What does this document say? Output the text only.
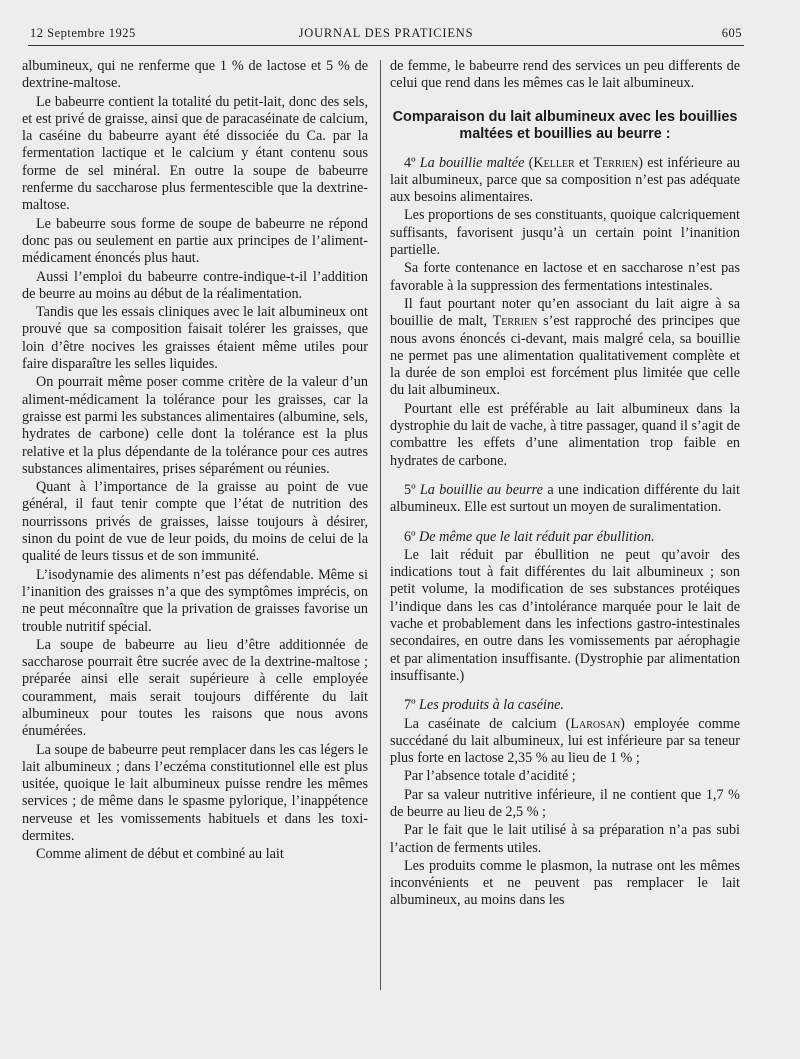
12 Septembre 1925	JOURNAL DES PRATICIENS	605

albumineux, qui ne renferme que 1 % de lactose et 5 % de dextrine-maltose.

Le babeurre contient la totalité du petit-lait, donc des sels, et est privé de graisse, ainsi que de paracaséinate de calcium, la caséine du babeurre ayant été dissociée du Ca. par la fermentation lactique et le calcium y étant contenu sous forme de sel minéral. En outre la soupe de babeurre renferme du saccharose plus fermentescible que la dextrine-maltose.

Le babeurre sous forme de soupe de babeurre ne répond donc pas ou seulement en partie aux principes de l’aliment-médicament énoncés plus haut.

Aussi l’emploi du babeurre contre-indique-t-il l’addition de beurre au moins au début de la réalimentation.

Tandis que les essais cliniques avec le lait albumineux ont prouvé que sa composition faisait tolérer les graisses, que loin d’être nocives les graisses étaient même utiles pour faire disparaître les selles liquides.

On pourrait même poser comme critère de la valeur d’un aliment-médicament la tolérance pour les graisses, car la graisse est parmi les substances alimentaires (albumine, sels, hydrates de carbone) celle dont la tolérance est la plus relative et la plus dépendante de la tolérance pour ces autres substances alimentaires, prises séparément ou réunies.

Quant à l’importance de la graisse au point de vue général, il faut tenir compte que l’état de nutrition des nourrissons privés de graisses, laisse toujours à désirer, sinon du point de vue de leur poids, du moins de celui de la qualité de leurs tissus et de son immunité.

L’isodynamie des aliments n’est pas défendable. Même si l’inanition des graisses n’a que des symptômes imprécis, on ne peut méconnaître que la privation de graisses favorise un trouble nutritif spécial.

La soupe de babeurre au lieu d’être additionnée de saccharose pourrait être sucrée avec de la dextrine-maltose ; préparée ainsi elle serait supérieure à celle employée couramment, mais serait toujours différente du lait albumineux pour toutes les raisons que nous avons énumérées.

La soupe de babeurre peut remplacer dans les cas légers le lait albumineux ; dans l’eczéma constitutionnel elle est plus usitée, quoique le lait albumineux puisse rendre les mêmes services ; de même dans le spasme pylorique, l’inappétence nerveuse et les vomissements habituels et dans les toxi-dermites.

Comme aliment de début et combiné au lait

de femme, le babeurre rend des services un peu differents de celui que rend dans les mêmes cas le lait albumineux.

Comparaison du lait albumineux avec les bouillies maltées et bouillies au beurre :

4º La bouillie maltée (Keller et Terrien) est inférieure au lait albumineux, parce que sa composition n’est pas adéquate aux besoins alimentaires.

Les proportions de ses constituants, quoique calcriquement suffisants, favorisent jusqu’à un certain point l’inanition partielle.

Sa forte contenance en lactose et en saccharose n’est pas favorable à la suppression des fermentations intestinales.

Il faut pourtant noter qu’en associant du lait aigre à sa bouillie de malt, Terrien s’est rapproché des principes que nous avons énoncés ci-devant, mais malgré cela, sa bouillie ne permet pas une alimentation qualitativement complète et la durée de son emploi est forcément plus limitée que celle du lait albumineux.

Pourtant elle est préférable au lait albumineux dans la dystrophie du lait de vache, à titre passager, quand il s’agit de combattre les effets d’une alimentation trop faible en hydrates de carbone.

5º La bouillie au beurre a une indication différente du lait albumineux. Elle est surtout un moyen de suralimentation.

6º De même que le lait réduit par ébullition.

Le lait réduit par ébullition ne peut qu’avoir des indications tout à fait différentes du lait albumineux ; son petit volume, la modification de ses substances protéiques l’indique dans les cas d’intolérance marquée pour le lait de vache et probablement dans les infections gastro-intestinales secondaires, en outre dans les vomissements par aérophagie et par alimentation insuffisante. (Dystrophie par alimentation insuffisante.)

7º Les produits à la caséine.

La caséinate de calcium (Larosan) employée comme succédané du lait albumineux, lui est inférieure par sa teneur plus forte en lactose 2,35 % au lieu de 1 % ;

Par l’absence totale d’acidité ;

Par sa valeur nutritive inférieure, il ne contient que 1,7 % de beurre au lieu de 2,5 % ;

Par le fait que le lait utilisé à sa préparation n’a pas subi l’action de ferments utiles.

Les produits comme le plasmon, la nutrase ont les mêmes inconvénients et ne peuvent pas remplacer le lait albumineux, au moins dans les
